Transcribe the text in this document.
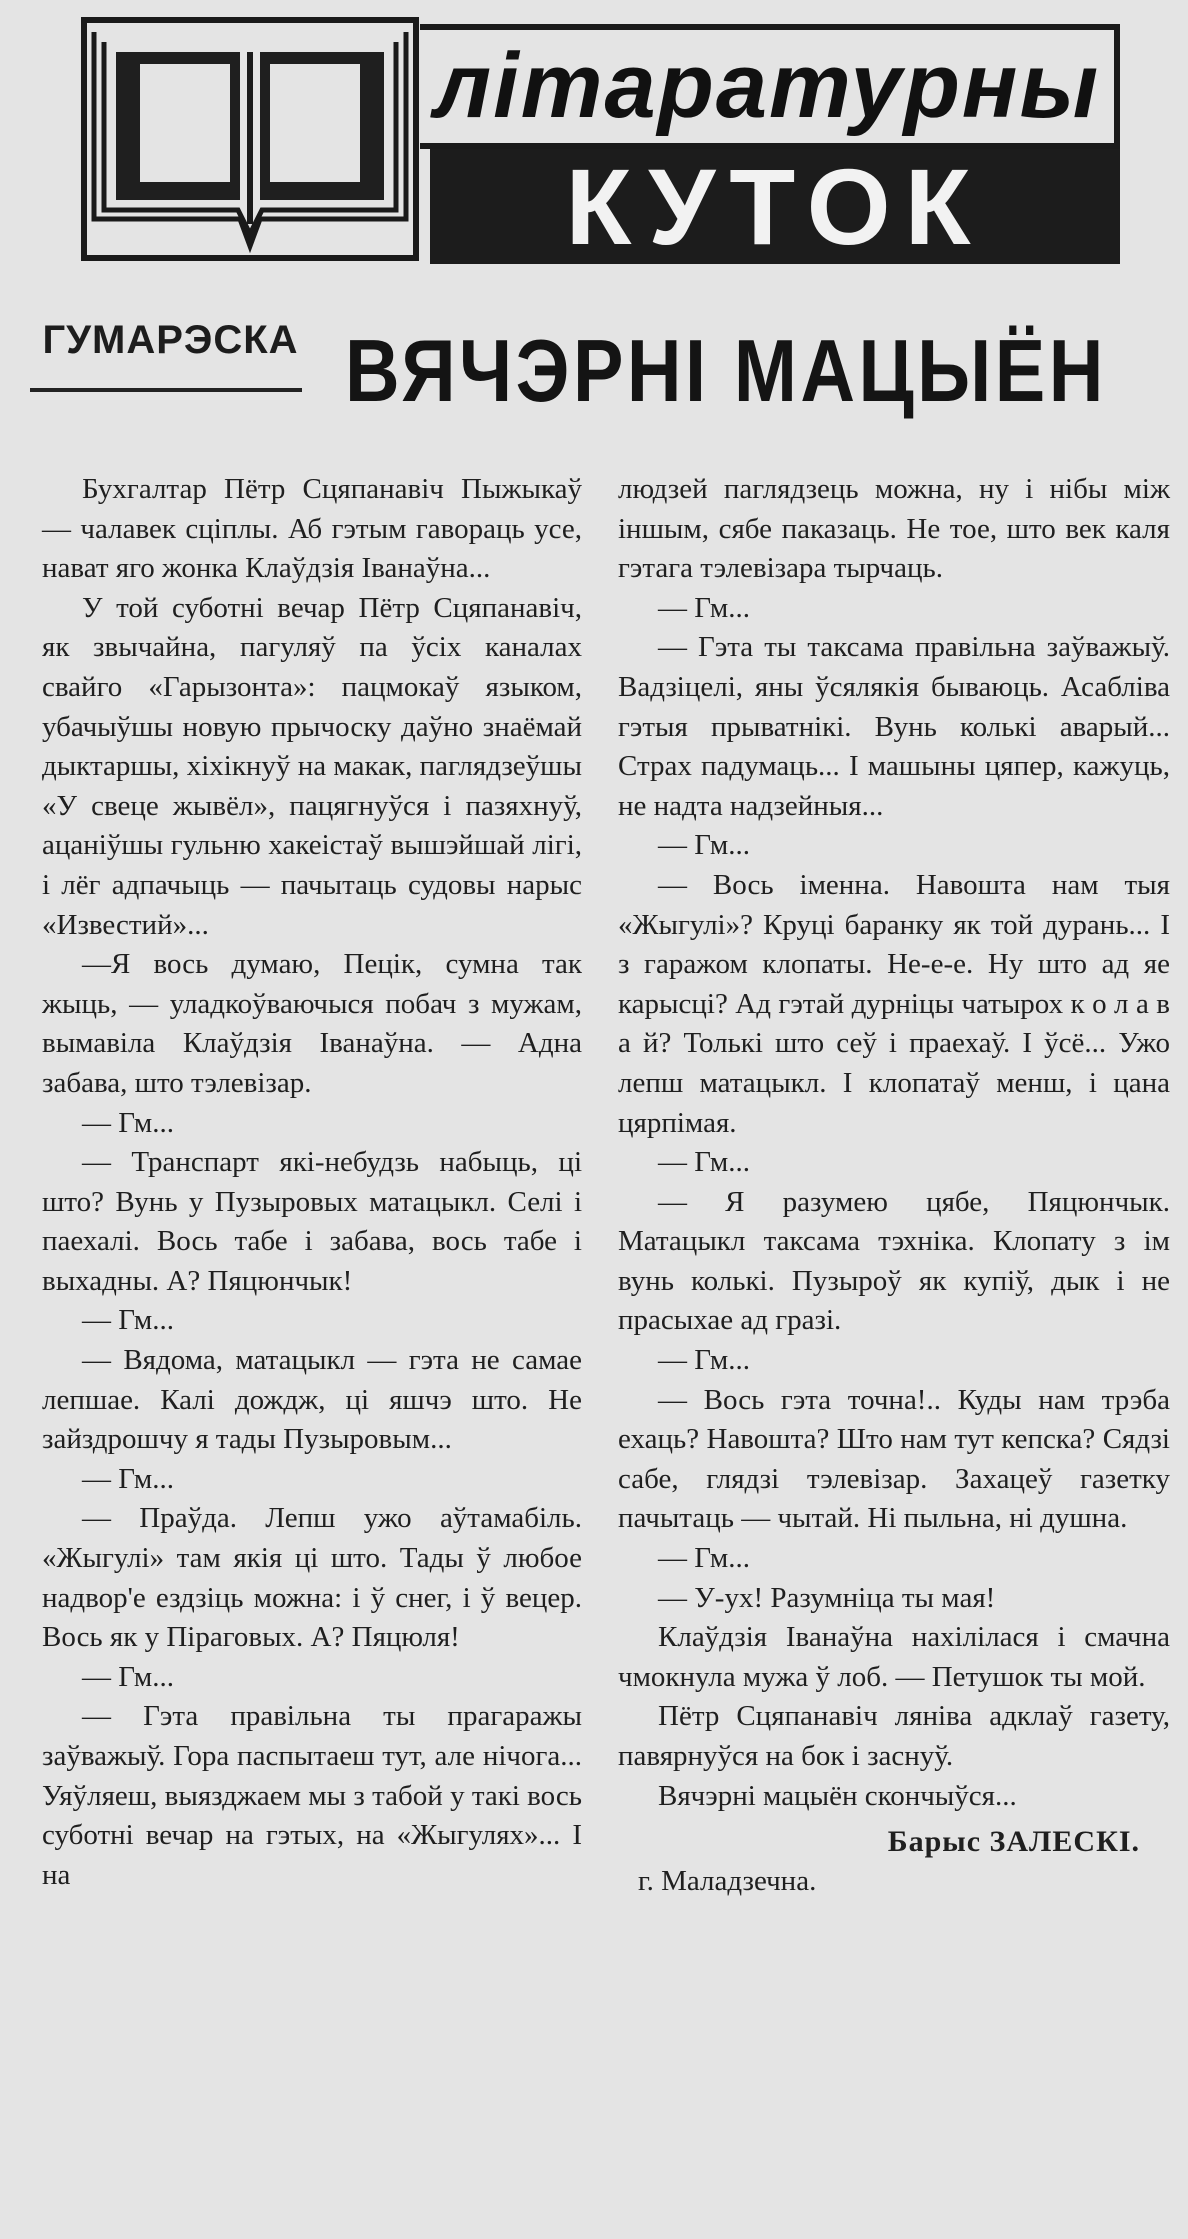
літаратурны
КУТОК
ГУМАРЭСКА ВЯЧЭРНІ МАЦЫЁН

Бухгалтар Пётр Сцяпанавіч Пыжыкаў — чалавек сціплы. Аб гэтым гавораць усе, нават яго жонка Клаўдзія Іванаўна...

У той суботні вечар Пётр Сцяпанавіч, як звычайна, пагуляў па ўсіх каналах свайго «Гарызонта»: пацмокаў языком, убачыўшы новую прычоску даўно знаёмай дыктаршы, хіхікнуў на макак, паглядзеўшы «У свеце жывёл», пацягнуўся і пазяхнуў, ацаніўшы гульню хакеістаў вышэйшай лігі, і лёг адпачыць — пачытаць судовы нарыс «Известий»...

—Я вось думаю, Пецік, сумна так жыць, — уладкоўваючыся побач з мужам, вымавіла Клаўдзія Іванаўна. — Адна забава, што тэлевізар.

— Гм...

— Транспарт які-небудзь набыць, ці што? Вунь у Пузыровых матацыкл. Селі і паехалі. Вось табе і забава, вось табе і выхадны. А? Пяцюнчык!

— Гм...

— Вядома, матацыкл — гэта не самае лепшае. Калі дождж, ці яшчэ што. Не зайздрошчу я тады Пузыровым...

— Гм...

— Праўда. Лепш ужо аўтамабіль. «Жыгулі» там якія ці што. Тады ў любое надвор'е ездзіць можна: і ў снег, і ў вецер. Вось як у Піраговых. А? Пяцюля!

— Гм...

— Гэта правільна ты прагаражы заўважыў. Гора паспытаеш тут, але нічога... Уяўляеш, выязджаем мы з табой у такі вось суботні вечар на гэтых, на «Жыгулях»... І на

людзей паглядзець можна, ну і нібы між іншым, сябе паказаць. Не тое, што век каля гэтага тэлевізара тырчаць.

— Гм...

— Гэта ты таксама правільна заўважыў. Вадзіцелі, яны ўсялякія бываюць. Асабліва гэтыя прыватнікі. Вунь колькі аварый... Страх падумаць... І машыны цяпер, кажуць, не надта надзейныя...

— Гм...

— Вось іменна. Навошта нам тыя «Жыгулі»? Круці баранку як той дурань... І з гаражом клопаты. Не-е-е. Ну што ад яе карысці? Ад гэтай дурніцы чатырох к о л а в а й? Толькі што сеў і праехаў. І ўсё... Ужо лепш матацыкл. І клопатаў менш, і цана цярпімая.

— Гм...

— Я разумею цябе, Пяцюнчык. Матацыкл таксама тэхніка. Клопату з ім вунь колькі. Пузыроў як купіў, дык і не прасыхае ад гразі.

— Гм...

— Вось гэта точна!.. Куды нам трэба ехаць? Навошта? Што нам тут кепска? Сядзі сабе, глядзі тэлевізар. Захацеў газетку пачытаць — чытай. Ні пыльна, ні душна.

— Гм...

— У-ух! Разумніца ты мая!

Клаўдзія Іванаўна нахілілася і смачна чмокнула мужа ў лоб. — Петушок ты мой.

Пётр Сцяпанавіч ляніва адклаў газету, павярнуўся на бок і заснуў.

Вячэрні мацыён скончыўся...

Барыс ЗАЛЕСКІ.
г. Маладзечна.
